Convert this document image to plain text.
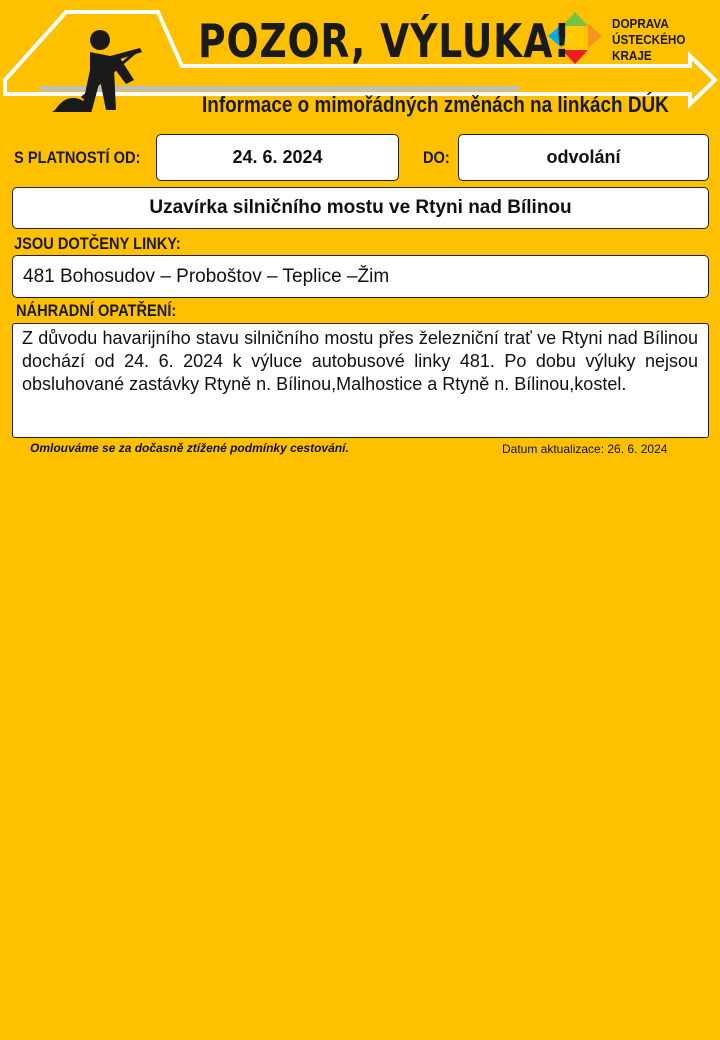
POZOR, VÝLUKA!
Informace o mimořádných změnách na linkách DÚK
DOPRAVA
ÚSTECKÉHO
KRAJE
S PLATNOSTÍ OD:	24. 6. 2024	DO:	odvolání
Uzavírka silničního mostu ve Rtyni nad Bílinou
JSOU DOTČENY LINKY:
481 Bohosudov – Proboštov – Teplice –Žim
NÁHRADNÍ OPATŘENÍ:
Z důvodu havarijního stavu silničního mostu přes železniční trať ve Rtyni nad Bílinou dochází od 24. 6. 2024 k výluce autobusové linky 481. Po dobu výluky nejsou obsluhované zastávky Rtyně n. Bílinou,Malhostice a Rtyně n. Bílinou,kostel.
Omlouváme se za dočasně ztížené podmínky cestování.	Datum aktualizace: 26. 6. 2024
